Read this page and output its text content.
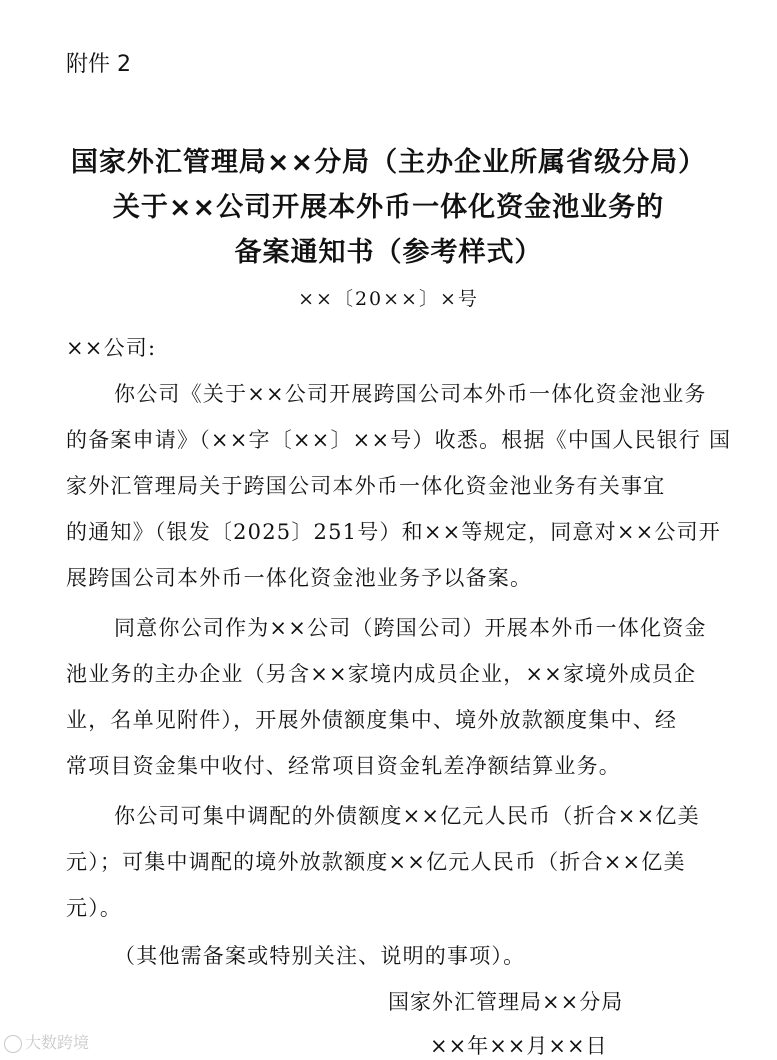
附件 2
国家外汇管理局××分局（主办企业所属省级分局）
关于××公司开展本外币一体化资金池业务的
备案通知书（参考样式）
××〔20××〕×号
××公司:
你公司《关于××公司开展跨国公司本外币一体化资金池业务
的备案申请》（××字〔××〕××号）收悉。根据《中国人民银行 国
家外汇管理局关于跨国公司本外币一体化资金池业务有关事宜
的通知》（银发〔2025〕251号）和××等规定，同意对××公司开
展跨国公司本外币一体化资金池业务予以备案。
同意你公司作为××公司（跨国公司）开展本外币一体化资金
池业务的主办企业（另含××家境内成员企业，××家境外成员企
业，名单见附件），开展外债额度集中、境外放款额度集中、经
常项目资金集中收付、经常项目资金轧差净额结算业务。
你公司可集中调配的外债额度××亿元人民币（折合××亿美
元）；可集中调配的境外放款额度××亿元人民币（折合××亿美
元）。
（其他需备案或特别关注、说明的事项）。
国家外汇管理局××分局
××年××月××日
大数跨境
